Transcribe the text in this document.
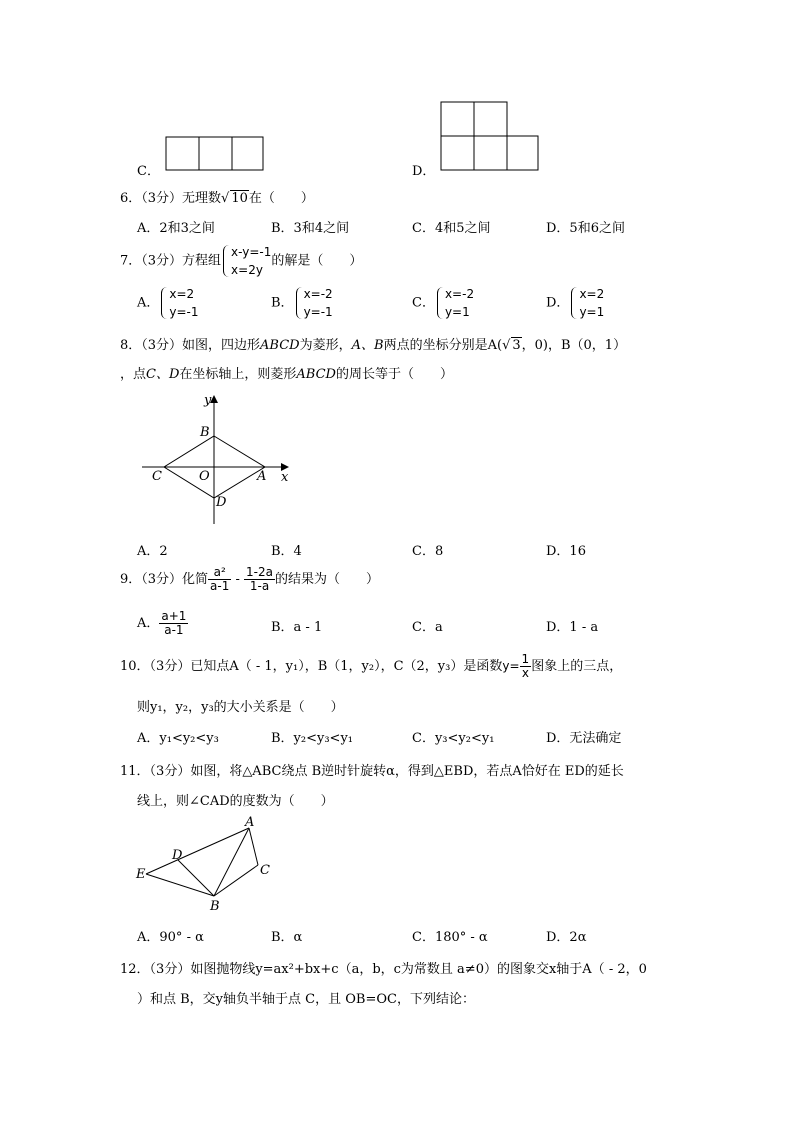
C．	D．
6．（3分）无理数√ 10在（　　）
A．2和3之间	B．3和4之间	C．4和5之间	D．5和6之间
7．（3分）方程组
x-y=-1
x=2y
的解是（　　）
A．
x=2
y=-1
B．
x=-2
y=-1
C．
x=-2
y=1
D．
x=2
y=1
8．（3分）如图，四边形ABCD为菱形，A、B两点的坐标分别是A(√ 3，0)，B（0，1）
，点C、D在坐标轴上，则菱形ABCD的周长等于（　　）
y
x
B
C	O	A
D
A．2	B．4	C．8	D．16
9．（3分）化简 $\frac{\text{a²}}{a-1} - \frac{1-2a}{1-a}$ 的结果为（　　）
A． $\frac{a+1}{a-1}$	B．a - 1	C．a	D．1 - a
10．（3分）已知点A（ - 1，y₁），B（1，y₂），C（2，y₃）是函数$y= \frac{1}{x}$ 图象上的三点，
则y₁，y₂，y₃的大小关系是（　　）
A．y₁<y₂<y₃	B．y₂<y₃<y₁	C．y₃<y₂<y₁	D．无法确定
11．（3分）如图，将△ABC绕点 B逆时针旋转α，得到△EBD，若点A恰好在 ED的延长
线上，则∠CAD的度数为（　　）
A
D
E	C
B
A．90° - α	B．α	C．180° - α	D．2α
12．（3分）如图抛物线y=ax²+bx+c（a，b，c为常数且 a≠0）的图象交x轴于A（ - 2，0
）和点 B，交y轴负半轴于点 C，且 OB=OC，下列结论：
